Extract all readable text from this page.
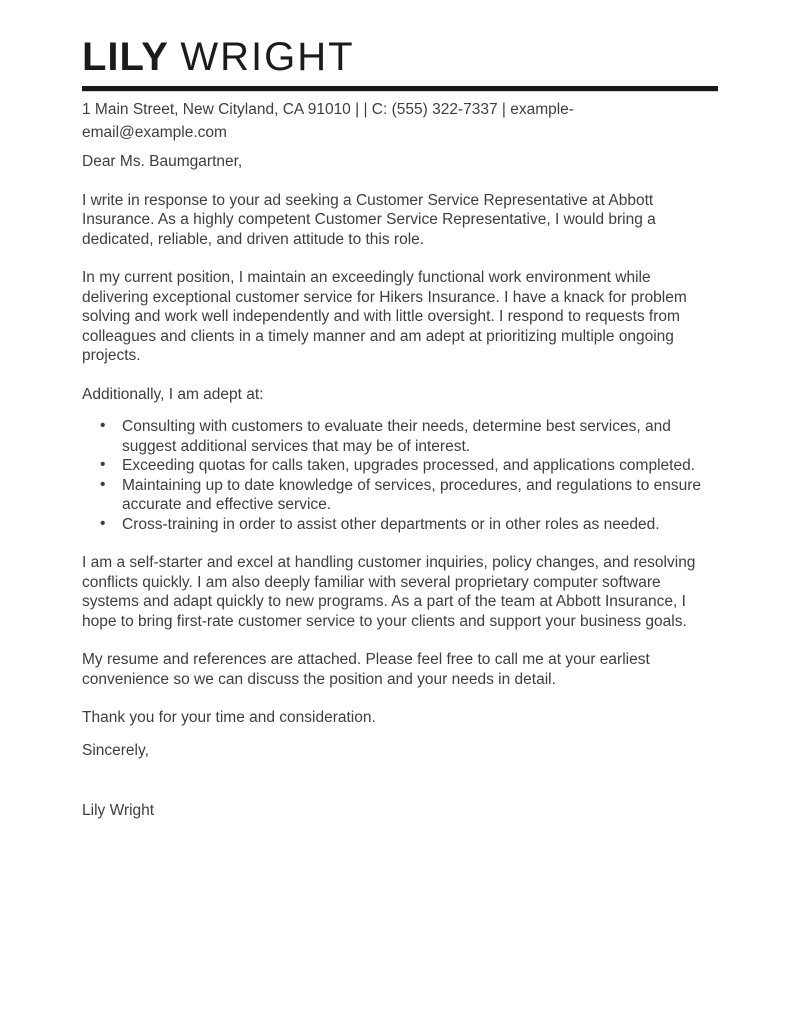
LILY WRIGHT
1 Main Street, New Cityland, CA 91010 | | C: (555) 322-7337 | example-email@example.com

Dear Ms. Baumgartner,

I write in response to your ad seeking a Customer Service Representative at Abbott Insurance. As a highly competent Customer Service Representative, I would bring a dedicated, reliable, and driven attitude to this role.

In my current position, I maintain an exceedingly functional work environment while delivering exceptional customer service for Hikers Insurance. I have a knack for problem solving and work well independently and with little oversight. I respond to requests from colleagues and clients in a timely manner and am adept at prioritizing multiple ongoing projects.

Additionally, I am adept at:

• Consulting with customers to evaluate their needs, determine best services, and suggest additional services that may be of interest.
• Exceeding quotas for calls taken, upgrades processed, and applications completed.
• Maintaining up to date knowledge of services, procedures, and regulations to ensure accurate and effective service.
• Cross-training in order to assist other departments or in other roles as needed.

I am a self-starter and excel at handling customer inquiries, policy changes, and resolving conflicts quickly. I am also deeply familiar with several proprietary computer software systems and adapt quickly to new programs. As a part of the team at Abbott Insurance, I hope to bring first-rate customer service to your clients and support your business goals.

My resume and references are attached. Please feel free to call me at your earliest convenience so we can discuss the position and your needs in detail.

Thank you for your time and consideration.

Sincerely,

Lily Wright
